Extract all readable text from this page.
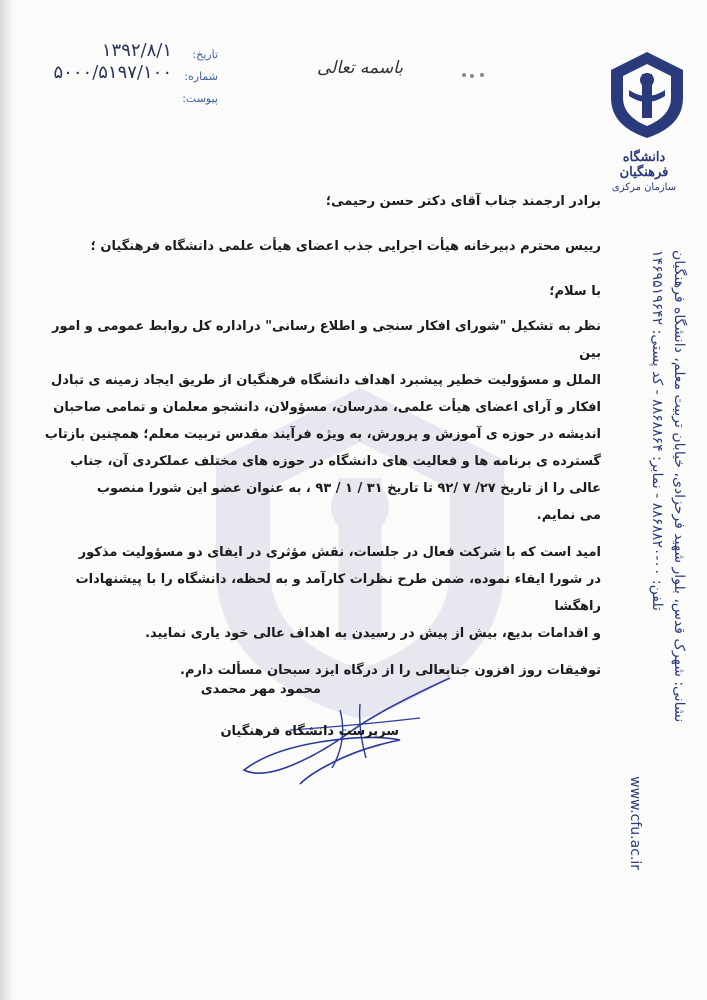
دانشگاه فرهنگیان
سازمان مرکزی
تاریخ:
۱۳۹۲/۸/۱
شماره:
۵۰۰۰/۵۱۹۷/۱۰۰
پیوست:
باسمه تعالی
نشانی: شهرک قدس، بلوار شهید فرحزادی، خیابان تربیت معلم، دانشگاه فرهنگیان
تلفن: ۰۰-۸۸۶۸۸۲۰ - نمابر: ۸۸۶۸۸۶۴ - کد پستی: ۱۴۶۹۵۱۹۶۴۲
www.cfu.ac.ir

برادر ارجمند جناب آقای دکتر حسن رحیمی؛

رییس محترم دبیرخانه هیأت اجرایی جذب اعضای هیأت علمی دانشگاه فرهنگیان ؛

با سلام؛

نظر به تشکیل "شورای افکار سنجی و اطلاع رسانی" دراداره کل روابط عمومی و امور بین

الملل و مسؤولیت خطیر پیشبرد اهداف دانشگاه فرهنگیان از طریق ایجاد زمینه ی تبادل

افکار و آرای اعضای هیأت علمی، مدرسان، مسؤولان، دانشجو معلمان و تمامی صاحبان

اندیشه در حوزه ی آموزش و پرورش، به ویژه فرآیند مقدس تربیت معلم؛ همچنین بازتاب

گسترده ی برنامه ها و فعالیت های دانشگاه در حوزه های مختلف عملکردی آن، جناب

عالی را از تاریخ ۲۷/ ۷ /۹۲ تا تاریخ ۳۱ / ۱ / ۹۳ ، به عنوان عضو این شورا منصوب

می نمایم.

امید است که با شرکت فعال در جلسات، نقش مؤثری در ایفای دو مسؤولیت مذکور

در شورا ایفاء نموده، ضمن طرح نظرات کارآمد و به لحظه، دانشگاه را با پیشنهادات راهگشا

و اقدامات بدیع، بیش از پیش در رسیدن به اهداف عالی خود یاری نمایید.

توفیقات روز افزون جنابعالی را از درگاه ایزد سبحان مسألت دارم.

محمود مهر محمدی
سرپرست دانشگاه فرهنگیان
